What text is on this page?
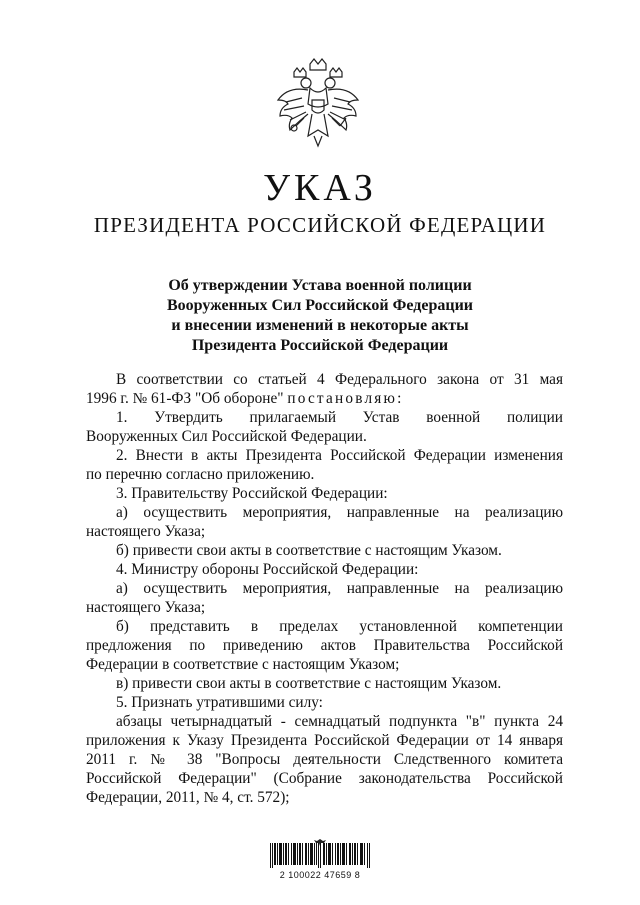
УКАЗ
ПРЕЗИДЕНТА РОССИЙСКОЙ ФЕДЕРАЦИИ
Об утверждении Устава военной полиции
Вооруженных Сил Российской Федерации
и внесении изменений в некоторые акты
Президента Российской Федерации

В соответствии со статьей 4 Федерального закона от 31 мая

1996 г. № 61-ФЗ "Об обороне" постановляю:

1. Утвердить прилагаемый Устав военной полиции

Вооруженных Сил Российской Федерации.

2. Внести в акты Президента Российской Федерации изменения

по перечню согласно приложению.

3. Правительству Российской Федерации:

а) осуществить мероприятия, направленные на реализацию

настоящего Указа;

б) привести свои акты в соответствие с настоящим Указом.

4. Министру обороны Российской Федерации:

а) осуществить мероприятия, направленные на реализацию

настоящего Указа;

б) представить в пределах установленной компетенции

предложения по приведению актов Правительства Российской

Федерации в соответствие с настоящим Указом;

в) привести свои акты в соответствие с настоящим Указом.

5. Признать утратившими силу:

абзацы четырнадцатый - семнадцатый подпункта "в" пункта 24

приложения к Указу Президента Российской Федерации от 14 января

2011 г. № 38 "Вопросы деятельности Следственного комитета

Российской Федерации" (Собрание законодательства Российской

Федерации, 2011, № 4, ст. 572);

2 100022 47659 8
